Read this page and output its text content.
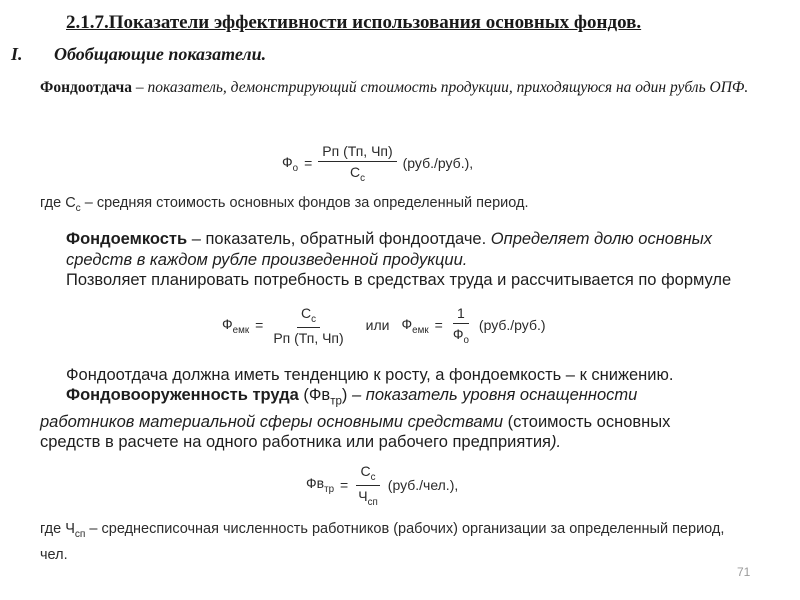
2.1.7.Показатели эффективности использования основных фондов.
I. Обобщающие показатели.
Фондоотдача – показатель, демонстрирующий стоимость продукции, приходящуюся на один рубль ОПФ.
$Ф_о = \frac{Рп (Тп, Чп)}{С_с} (руб./руб.)$,
где $С_с$ – средняя стоимость основных фондов за определенный период.
Фондоемкость – показатель, обратный фондоотдаче. Определяет долю основных средств в каждом рубле произведенной продукции.
Позволяет планировать потребность в средствах труда и рассчитывается по формуле
$Ф_{емк} = \frac{С_с}{Рп (Тп, Чп)}$ или $Ф_{емк} = \frac{1}{Ф_о} (руб./руб.)$
Фондоотдача должна иметь тенденцию к росту, а фондоемкость – к снижению.
Фондовооруженность труда $(Фв_{тр})$ – показатель уровня оснащенности работников материальной сферы основными средствами (стоимость основных средств в расчете на одного работника или рабочего предприятия).
$Фв_{тр} = \frac{С_с}{Ч_{сп}} (руб./чел.)$,
где $Ч_{сп}$ – среднесписочная численность работников (рабочих) организации за определенный период, чел.
71
